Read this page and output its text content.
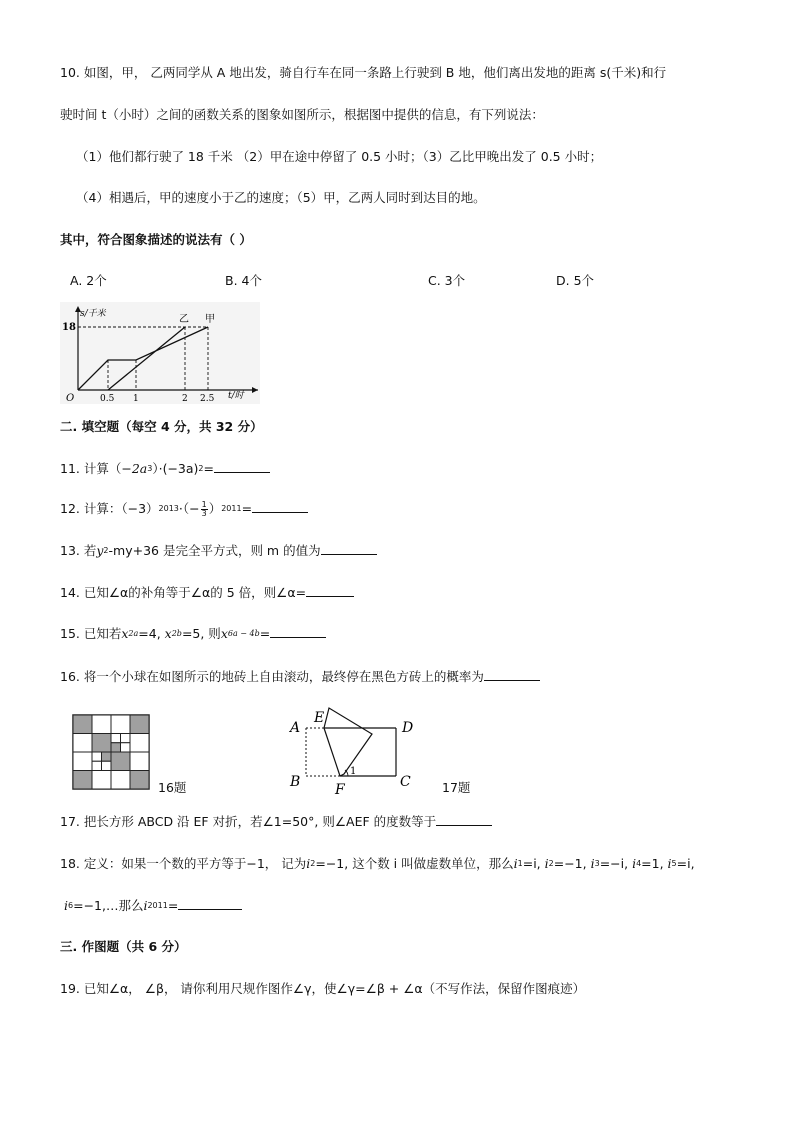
10. 如图，甲， 乙两同学从 A 地出发，骑自行车在同一条路上行驶到 B 地，他们离出发地的距离 s(千米)和行
驶时间 t（小时）之间的函数关系的图象如图所示，根据图中提供的信息，有下列说法：
（1）他们都行驶了 18 千米 （2）甲在途中停留了 0.5 小时；（3）乙比甲晚出发了 0.5 小时；
（4）相遇后，甲的速度小于乙的速度；（5）甲，乙两人同时到达目的地。
其中，符合图象描述的说法有（ ）
A. 2个	B. 4个	C. 3个	D. 5个
18
s/千米
O	0.5 1	2 2.5 t/时
乙 甲
二. 填空题（每空 4 分，共 32 分）
11. 计算$(-2a^3)\cdot(-3a)^2=$
12. 计算：$(-3)^{2013}\cdot(- \frac{1}{3} )^{2011}=$
13. 若$y^2-my+36$ 是完全平方式，则 m 的值为
14. 已知∠α的补角等于∠α的 5 倍，则∠α=
15. 已知若$x^{2a}=4$, $x^{2b}=5$, 则$x^{6a - 4b}=$
16. 将一个小球在如图所示的地砖上自由滚动，最终停在黑色方砖上的概率为
16题
A
E
D
B F	C
1
17题
17. 把长方形 ABCD 沿 EF 对折，若∠1=50°, 则∠AEF 的度数等于
18. 定义：如果一个数的平方等于−1， 记为$i^2=-1$, 这个数 i 叫做虚数单位，那么$i^1=i$, $i^2=-1$, $i^3=-i$, $i^4=1$, $i^5=i$,
$i^6=-1,\dots$那么$i^{2011}=$
三. 作图题（共 6 分）
19. 已知∠α， ∠β， 请你利用尺规作图作∠γ，使∠γ=∠β + ∠α（不写作法，保留作图痕迹）
